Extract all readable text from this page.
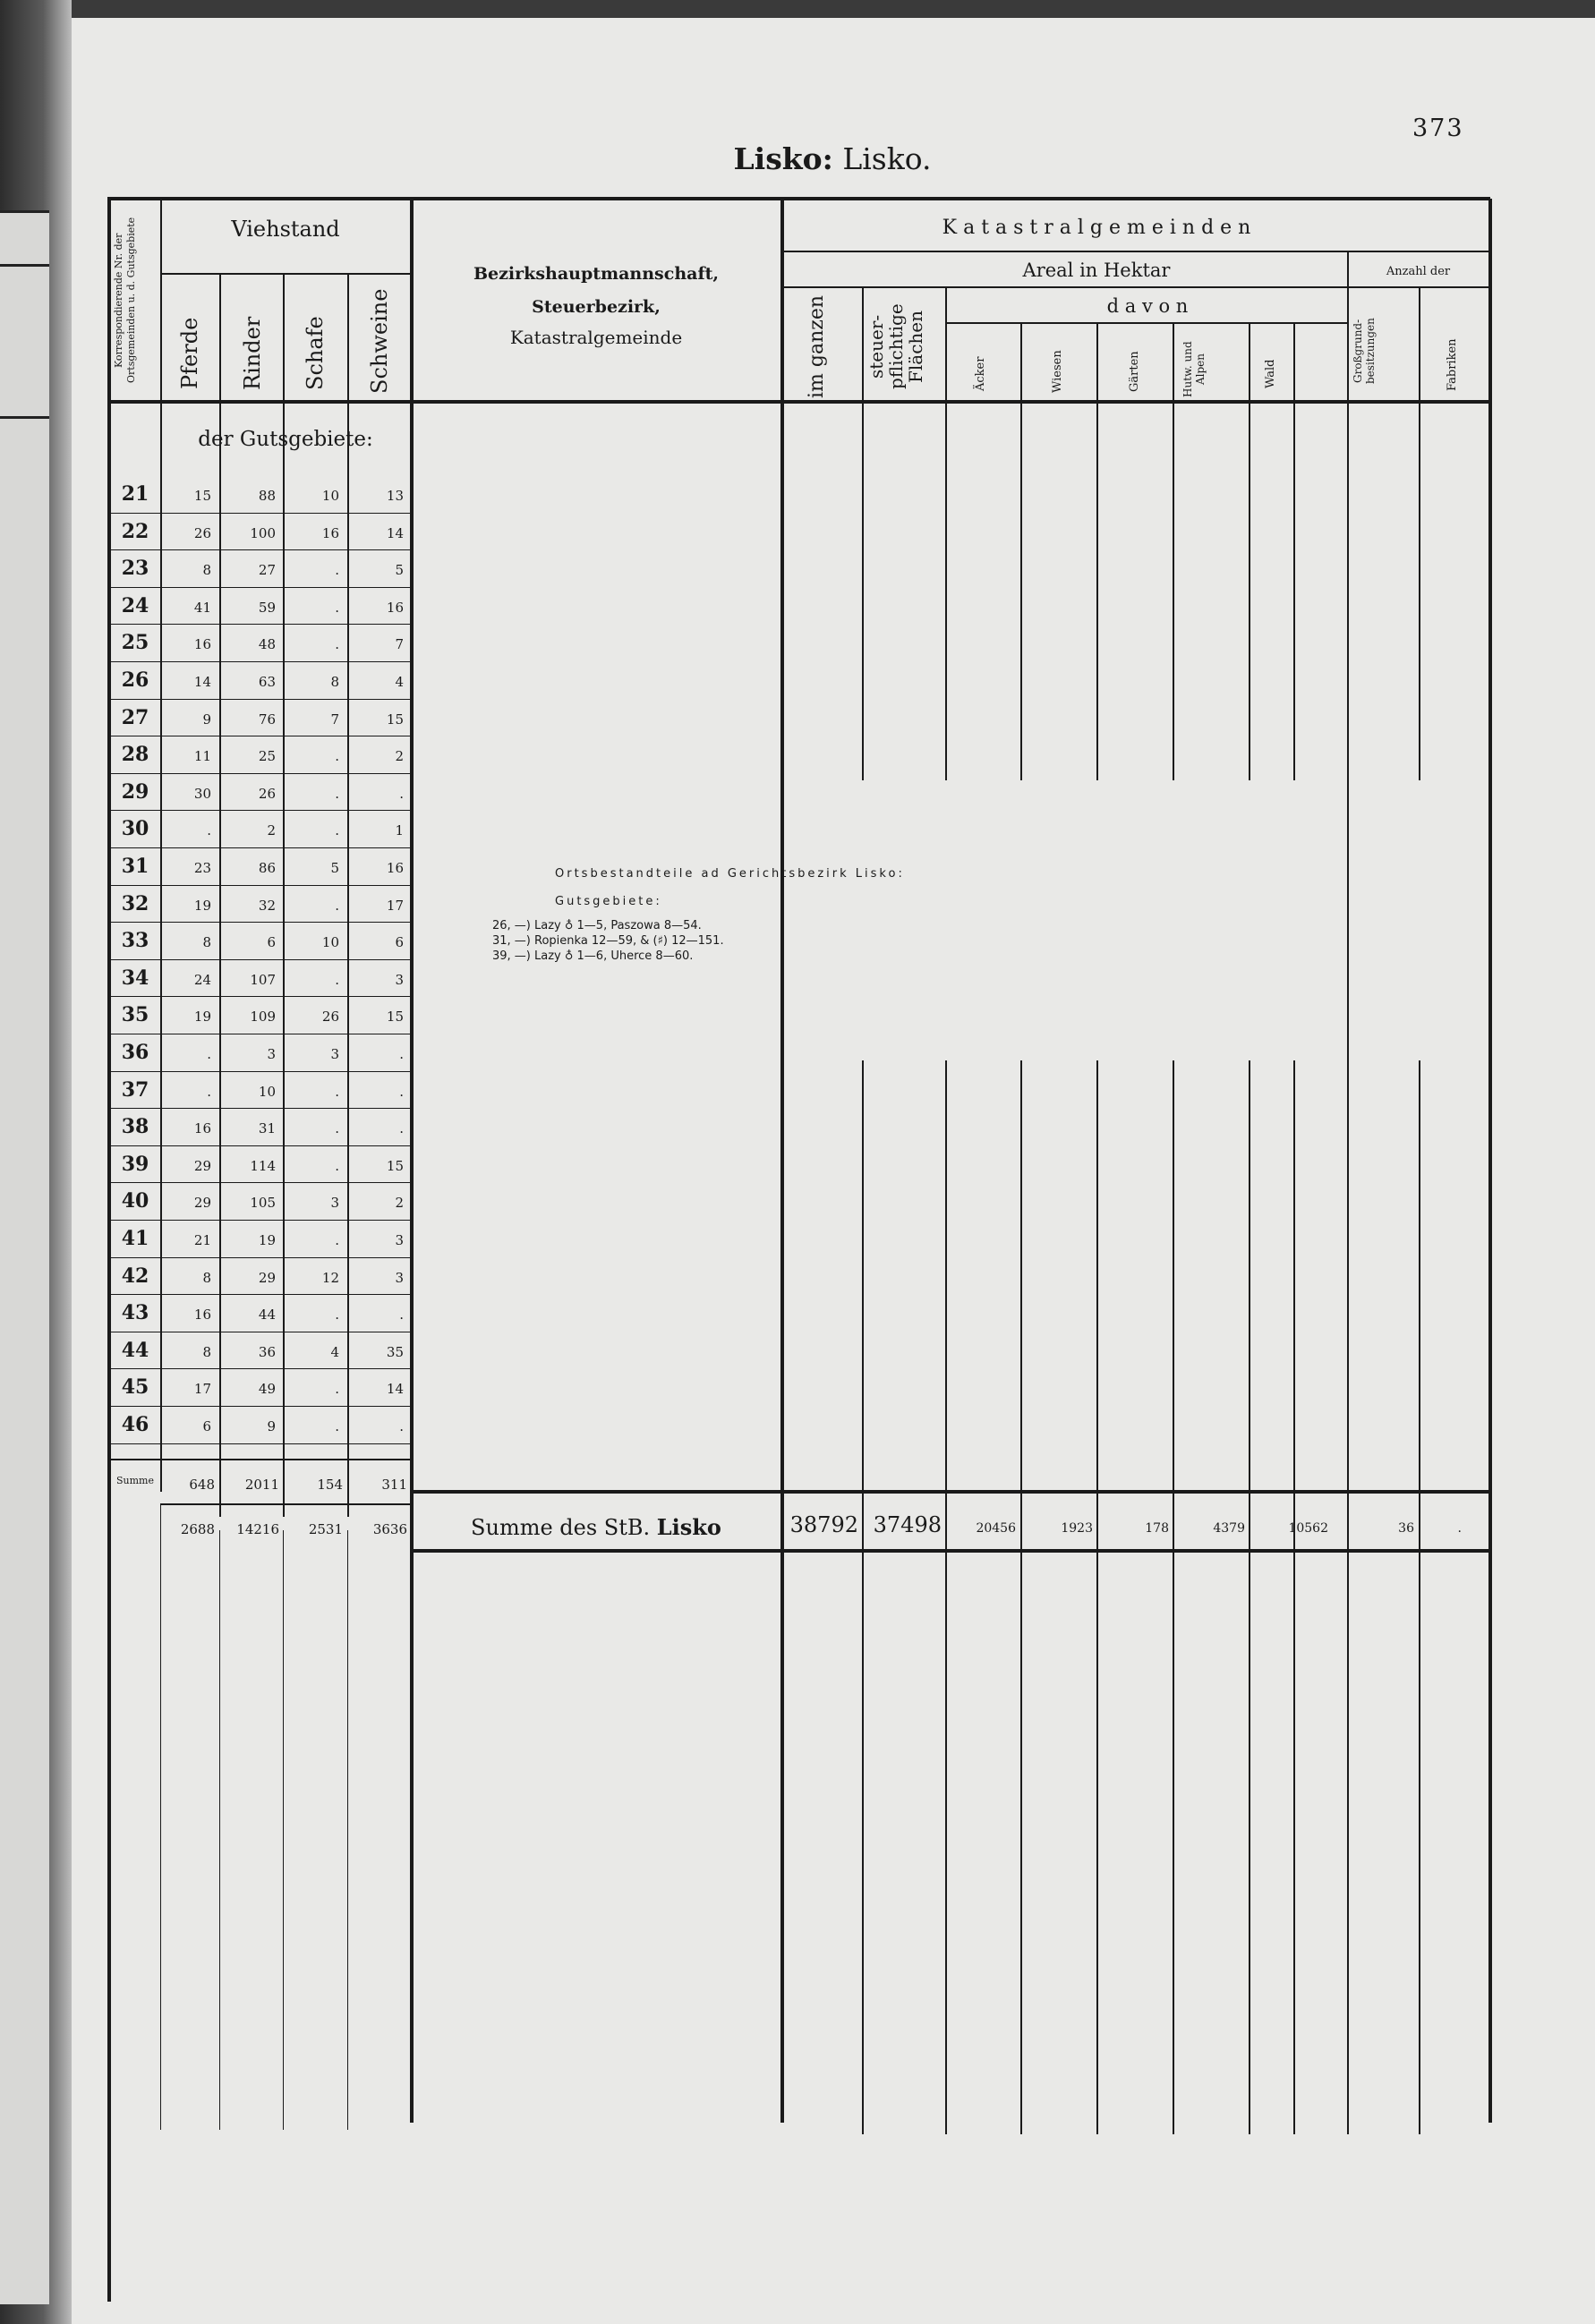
Lisko: Lisko.
373
Viehstand
Korrespondierende Nr. der Ortsgemeinden u. d. Gutsgebiete	Pferde Rinder Schafe Schweine
Bezirkshauptmannschaft,
Steuerbezirk,
Katastralgemeinde
K a t a s t r a l g e m e i n d e n
Areal in Hektar	Anzahl der
d a v o n
im ganzen steuer-pflichtige Flächen	Äcker	Wiesen	Gärten	Hutw. und Alpen	Wald	Großgrund-besitzungen	Fabriken
der Gutsgebiete:
21	15	88	10	13
22	26	100	16	14
23	8	27	.	5
24	41	59	.	16
25	16	48	.	7
26	14	63	8	4
27	9	76	7	15
28	11	25	.	2
29	30	26	.	.
30	.	2	.	1
31	23	86	5	16
32	19	32	.	17
33	8	6	10	6
34	24	107	.	3
35	19	109	26	15
36	.	3	3	.
37	.	10	.	.
38	16	31	.	.
39	29	114	.	15
40	29	105	3	2
41	21	19	.	3
42	8	29	12	3
43	16	44	.	.
44	8	36	4	35
45	17	49	.	14
46	6	9	.	.
Summe	648	2011	154	311
2688	14216	2531	3636	Summe des StB. Lisko	38792 37498	20456	1923	178	4379	10562	36	.
Ortsbestandteile ad Gerichtsbezirk Lisko:
Gutsgebiete:
26, —) Lazy ♁ 1—5, Paszowa 8—54.
31, —) Ropienka 12—59, & (♯) 12—151.
39, —) Lazy ♁ 1—6, Uherce 8—60.
